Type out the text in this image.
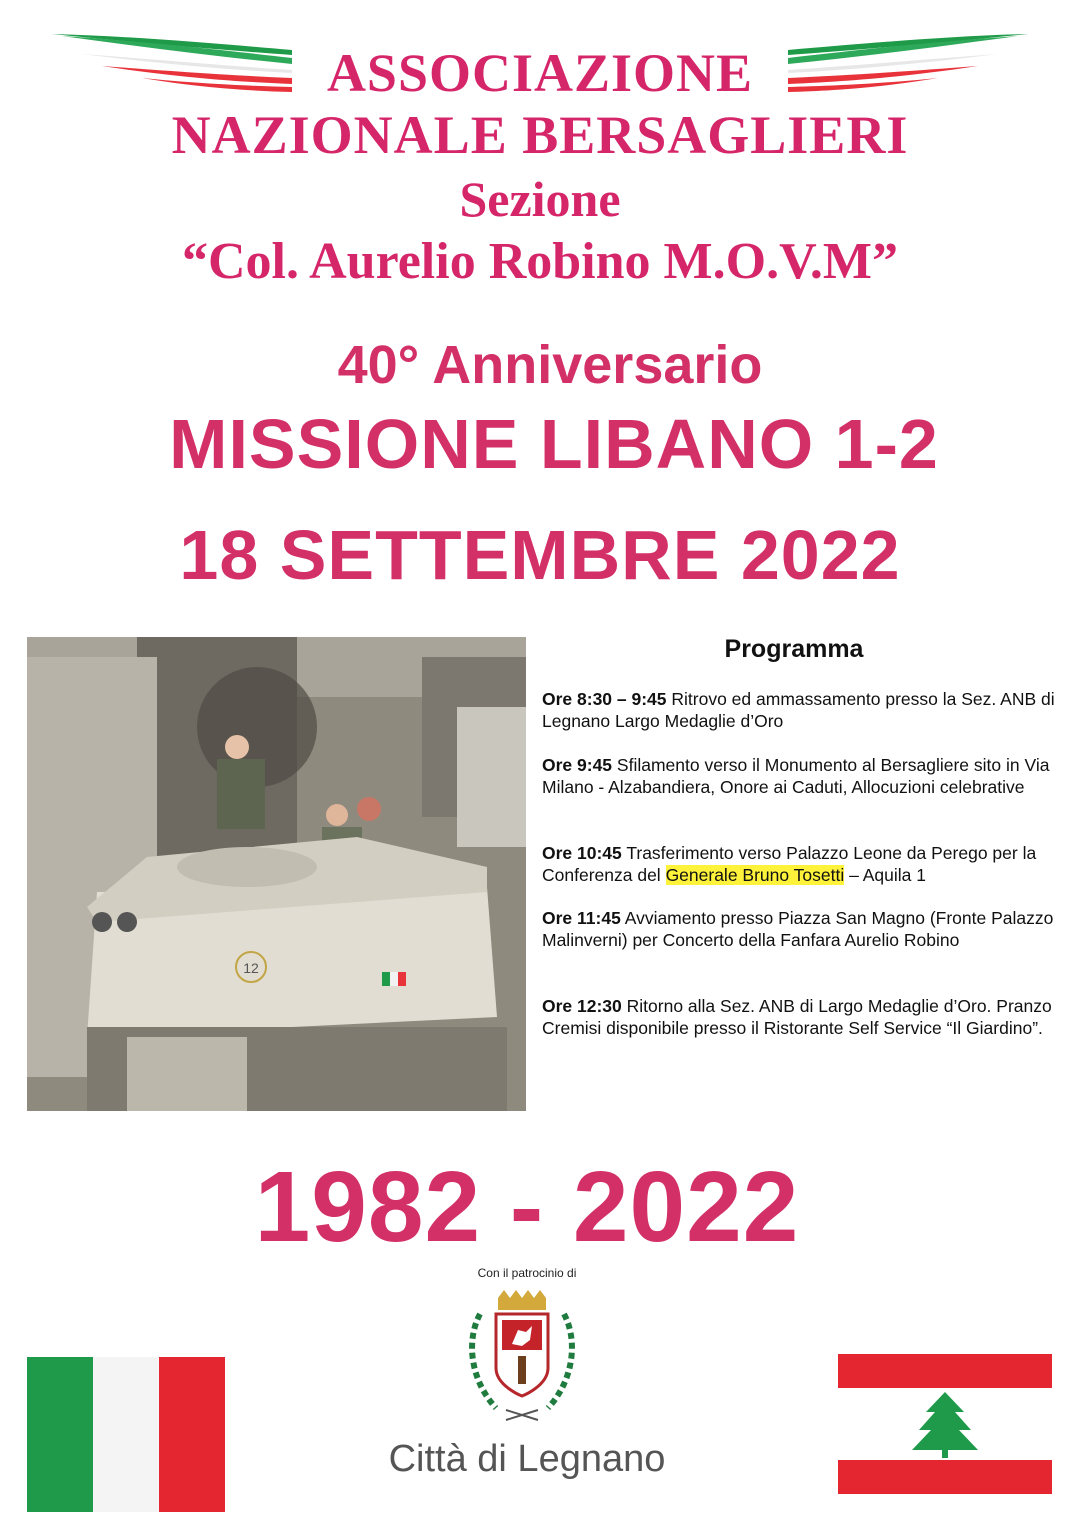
ASSOCIAZIONE
NAZIONALE BERSAGLIERI
Sezione
“Col. Aurelio Robino M.O.V.M”
40° Anniversario
MISSIONE LIBANO 1-2
18 SETTEMBRE 2022
12
Programma
Ore 8:30 – 9:45 Ritrovo ed ammassamento presso la Sez. ANB di Legnano Largo Medaglie d’Oro
Ore 9:45 Sfilamento verso il Monumento al Bersagliere sito in Via Milano - Alzabandiera, Onore ai Caduti, Allocuzioni celebrative
Ore 10:45 Trasferimento verso Palazzo Leone da Perego per la Conferenza del Generale Bruno Tosetti – Aquila 1
Ore 11:45 Avviamento presso Piazza San Magno (Fronte Palazzo Malinverni) per Concerto della Fanfara Aurelio Robino
Ore 12:30 Ritorno alla Sez. ANB di Largo Medaglie d’Oro. Pranzo Cremisi disponibile presso il Ristorante Self Service “Il Giardino”.
1982 - 2022
Con il patrocinio di
Città di Legnano
